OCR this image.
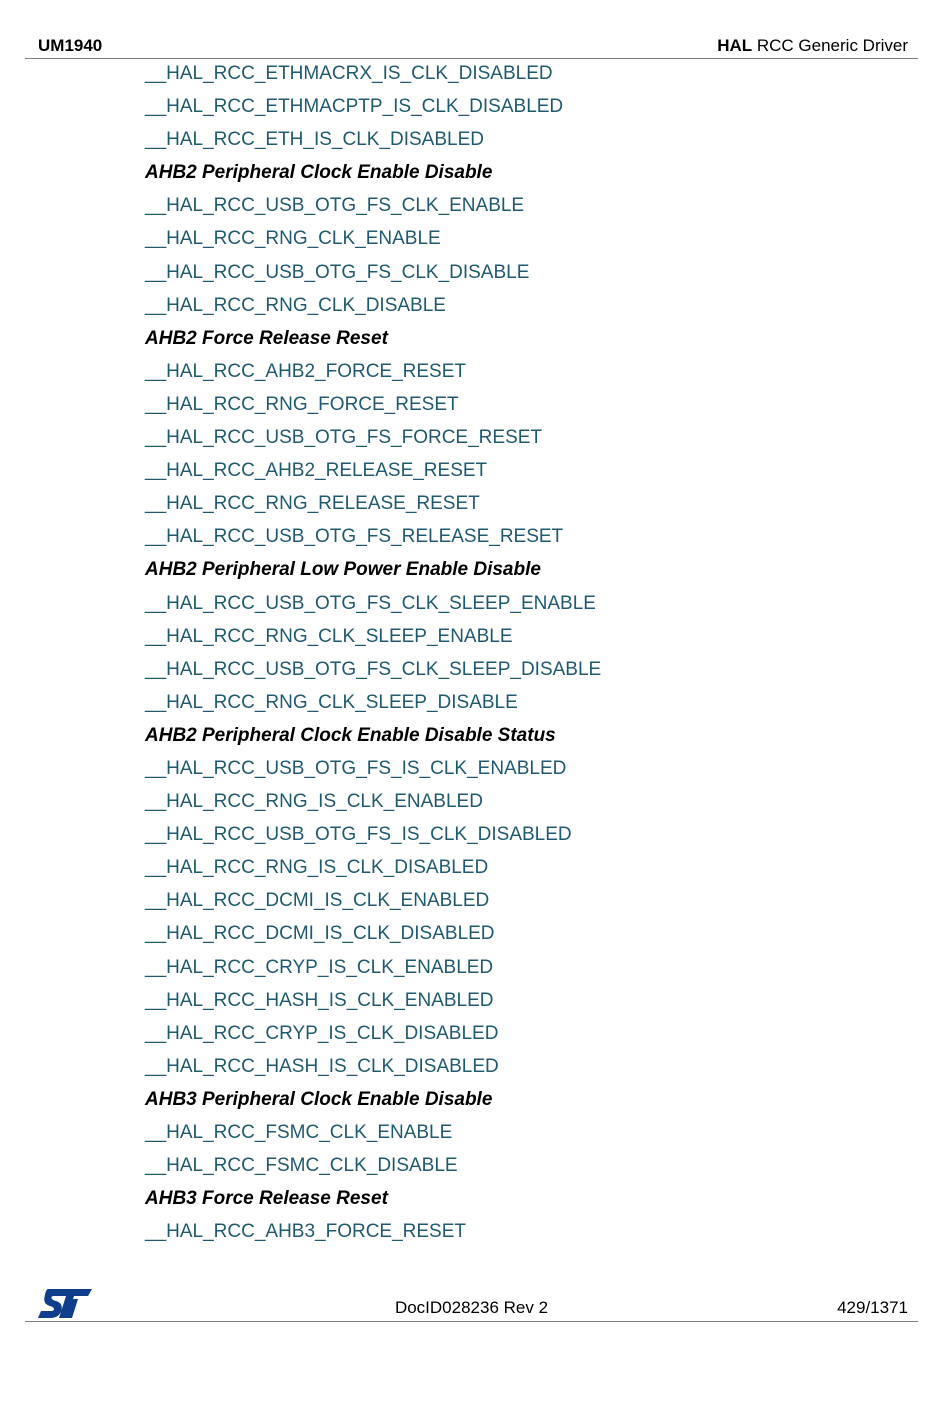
UM1940	HAL RCC Generic Driver
__HAL_RCC_ETHMACRX_IS_CLK_DISABLED
__HAL_RCC_ETHMACPTP_IS_CLK_DISABLED
__HAL_RCC_ETH_IS_CLK_DISABLED
AHB2 Peripheral Clock Enable Disable
__HAL_RCC_USB_OTG_FS_CLK_ENABLE
__HAL_RCC_RNG_CLK_ENABLE
__HAL_RCC_USB_OTG_FS_CLK_DISABLE
__HAL_RCC_RNG_CLK_DISABLE
AHB2 Force Release Reset
__HAL_RCC_AHB2_FORCE_RESET
__HAL_RCC_RNG_FORCE_RESET
__HAL_RCC_USB_OTG_FS_FORCE_RESET
__HAL_RCC_AHB2_RELEASE_RESET
__HAL_RCC_RNG_RELEASE_RESET
__HAL_RCC_USB_OTG_FS_RELEASE_RESET
AHB2 Peripheral Low Power Enable Disable
__HAL_RCC_USB_OTG_FS_CLK_SLEEP_ENABLE
__HAL_RCC_RNG_CLK_SLEEP_ENABLE
__HAL_RCC_USB_OTG_FS_CLK_SLEEP_DISABLE
__HAL_RCC_RNG_CLK_SLEEP_DISABLE
AHB2 Peripheral Clock Enable Disable Status
__HAL_RCC_USB_OTG_FS_IS_CLK_ENABLED
__HAL_RCC_RNG_IS_CLK_ENABLED
__HAL_RCC_USB_OTG_FS_IS_CLK_DISABLED
__HAL_RCC_RNG_IS_CLK_DISABLED
__HAL_RCC_DCMI_IS_CLK_ENABLED
__HAL_RCC_DCMI_IS_CLK_DISABLED
__HAL_RCC_CRYP_IS_CLK_ENABLED
__HAL_RCC_HASH_IS_CLK_ENABLED
__HAL_RCC_CRYP_IS_CLK_DISABLED
__HAL_RCC_HASH_IS_CLK_DISABLED
AHB3 Peripheral Clock Enable Disable
__HAL_RCC_FSMC_CLK_ENABLE
__HAL_RCC_FSMC_CLK_DISABLE
AHB3 Force Release Reset
__HAL_RCC_AHB3_FORCE_RESET
DocID028236 Rev 2	429/1371
